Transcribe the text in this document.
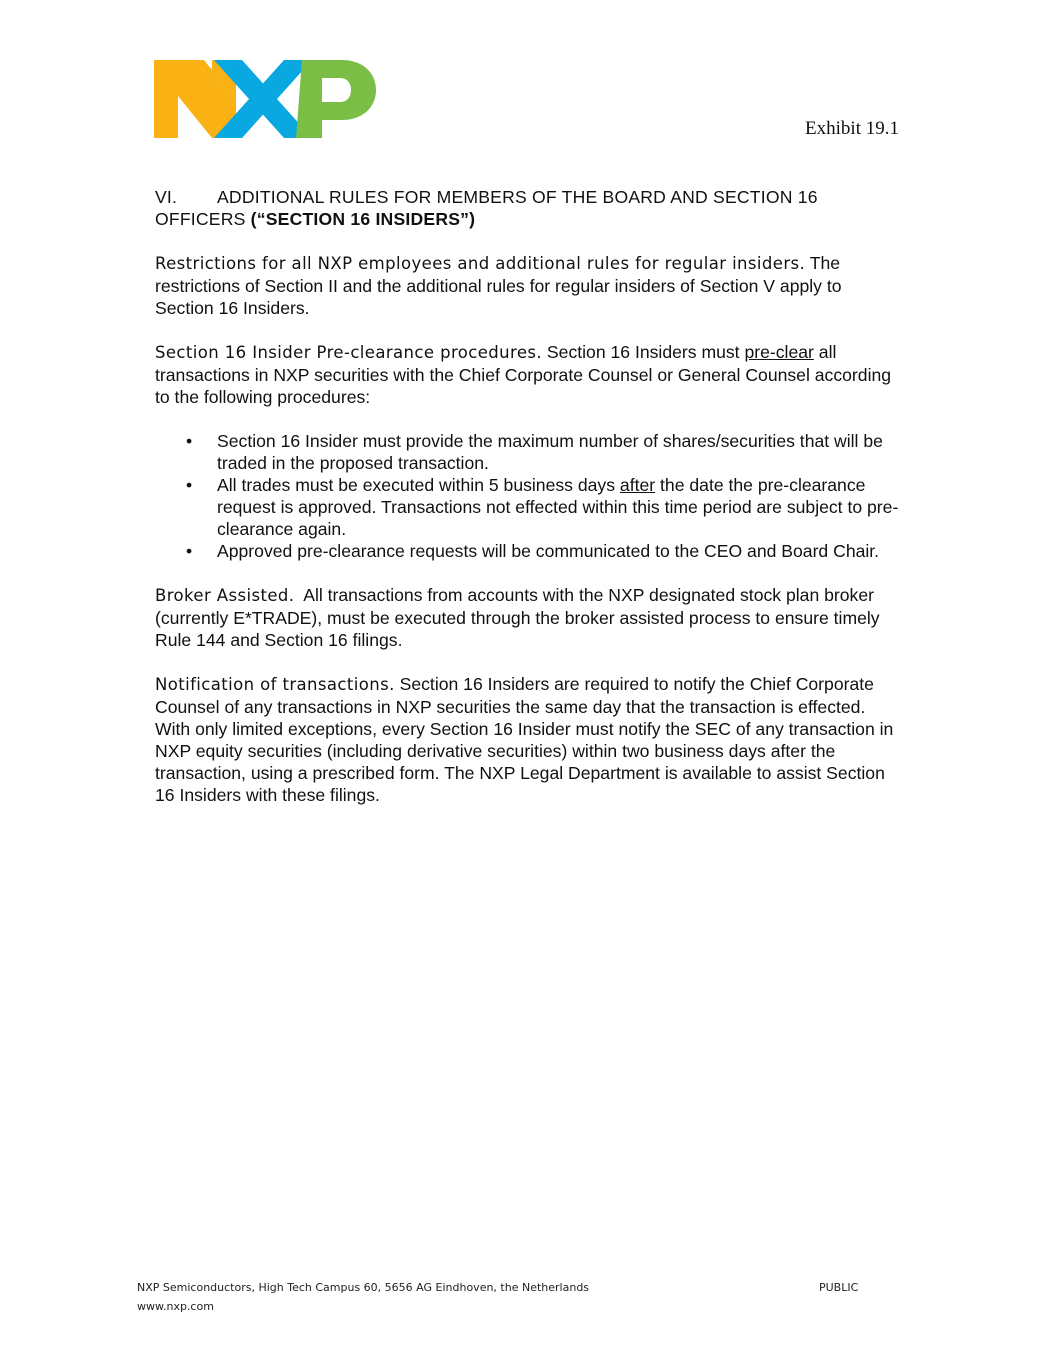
Exhibit 19.1
VI. ADDITIONAL RULES FOR MEMBERS OF THE BOARD AND SECTION 16 OFFICERS (“SECTION 16 INSIDERS”)

Restrictions for all NXP employees and additional rules for regular insiders. The restrictions of Section II and the additional rules for regular insiders of Section V apply to Section 16 Insiders.

Section 16 Insider Pre-clearance procedures. Section 16 Insiders must pre-clear all transactions in NXP securities with the Chief Corporate Counsel or General Counsel according to the following procedures:

• Section 16 Insider must provide the maximum number of shares/securities that will be traded in the proposed transaction.
• All trades must be executed within 5 business days after the date the pre-clearance request is approved. Transactions not effected within this time period are subject to pre-clearance again.
• Approved pre-clearance requests will be communicated to the CEO and Board Chair.

Broker Assisted. All transactions from accounts with the NXP designated stock plan broker (currently E*TRADE), must be executed through the broker assisted process to ensure timely Rule 144 and Section 16 filings.

Notification of transactions. Section 16 Insiders are required to notify the Chief Corporate Counsel of any transactions in NXP securities the same day that the transaction is effected. With only limited exceptions, every Section 16 Insider must notify the SEC of any transaction in NXP equity securities (including derivative securities) within two business days after the transaction, using a prescribed form. The NXP Legal Department is available to assist Section 16 Insiders with these filings.

NXP Semiconductors, High Tech Campus 60, 5656 AG Eindhoven, the Netherlands
www.nxp.com
PUBLIC
